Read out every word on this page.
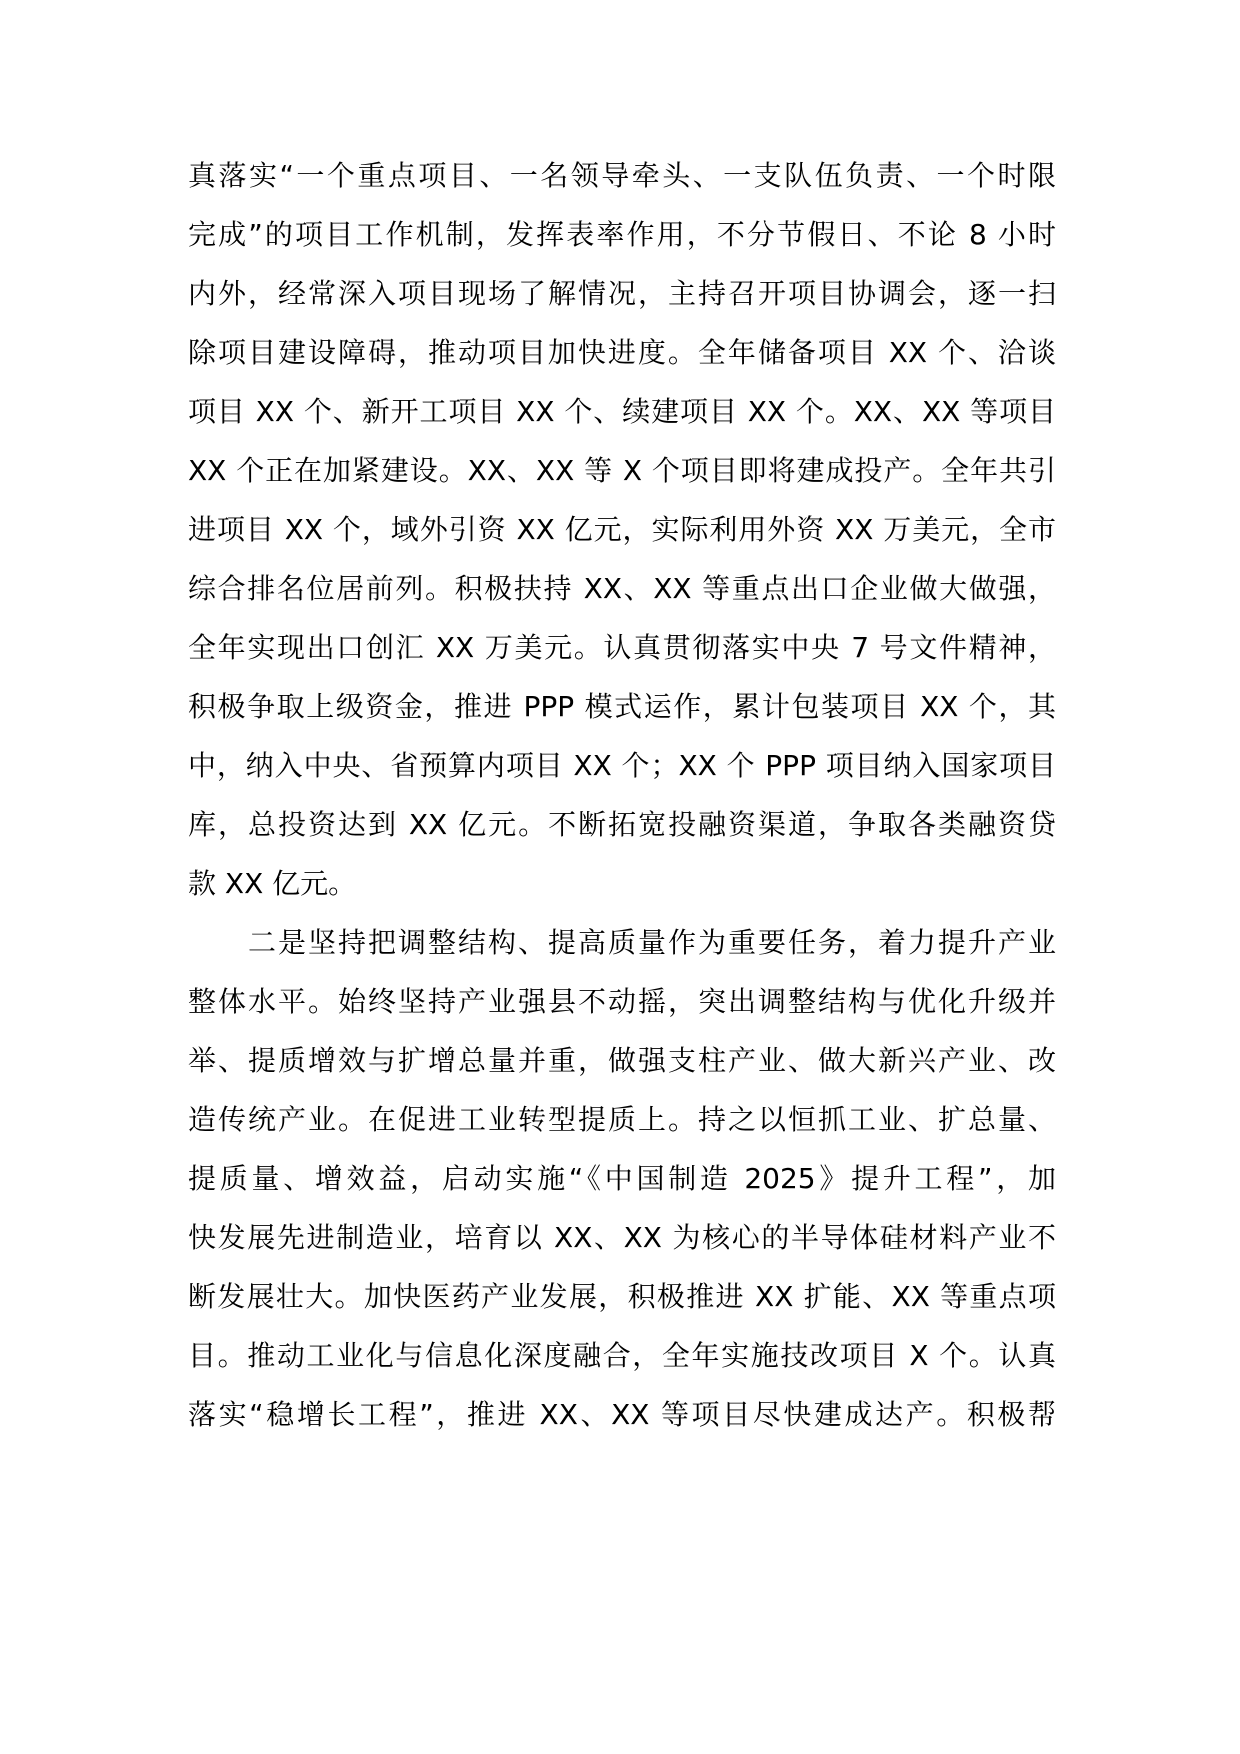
真落实“一个重点项目、一名领导牵头、一支队伍负责、一个时限
完成”的项目工作机制，发挥表率作用，不分节假日、不论 8 小时
内外，经常深入项目现场了解情况，主持召开项目协调会，逐一扫
除项目建设障碍，推动项目加快进度。全年储备项目 XX 个、洽谈
项目 XX 个、新开工项目 XX 个、续建项目 XX 个。XX、XX 等项目
XX 个正在加紧建设。XX、XX 等 X 个项目即将建成投产。全年共引
进项目 XX 个，域外引资 XX 亿元，实际利用外资 XX 万美元，全市
综合排名位居前列。积极扶持 XX、XX 等重点出口企业做大做强，
全年实现出口创汇 XX 万美元。认真贯彻落实中央 7 号文件精神，
积极争取上级资金，推进 PPP 模式运作，累计包装项目 XX 个，其
中，纳入中央、省预算内项目 XX 个；XX 个 PPP 项目纳入国家项目
库，总投资达到 XX 亿元。不断拓宽投融资渠道，争取各类融资贷
款 XX 亿元。
二是坚持把调整结构、提高质量作为重要任务，着力提升产业
整体水平。始终坚持产业强县不动摇，突出调整结构与优化升级并
举、提质增效与扩增总量并重，做强支柱产业、做大新兴产业、改
造传统产业。在促进工业转型提质上。持之以恒抓工业、扩总量、
提质量、增效益，启动实施“《中国制造 2025》提升工程”，加
快发展先进制造业，培育以 XX、XX 为核心的半导体硅材料产业不
断发展壮大。加快医药产业发展，积极推进 XX 扩能、XX 等重点项
目。推动工业化与信息化深度融合，全年实施技改项目 X 个。认真
落实“稳增长工程”，推进 XX、XX 等项目尽快建成达产。积极帮
